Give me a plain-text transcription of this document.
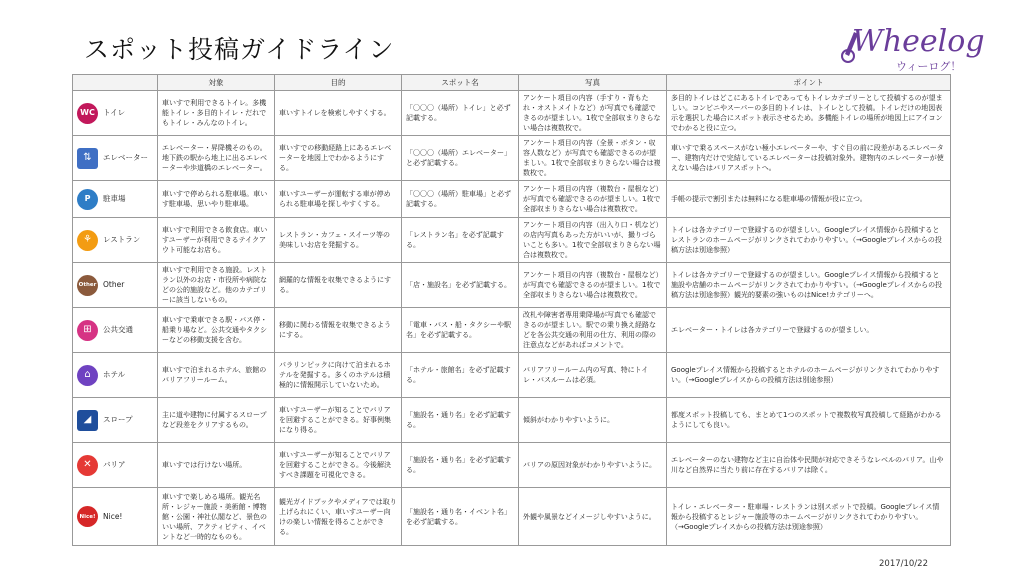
スポット投稿ガイドライン	Wheelog
ウィーログ！
	対象	目的	スポット名	写真	ポイント

WC トイレ	車いすで利用できるトイレ。多機能トイレ・多目的トイレ・だれでもトイレ・みんなのトイレ。	車いすトイレを検索しやすくする。	「〇〇〇（場所）トイレ」と必ず記載する。	アンケート項目の内容（手すり・背もたれ・オストメイトなど）が写真でも確認できるのが望ましい。1枚で全部収まりきらない場合は複数枚で。	多目的トイレはどこにあるトイレであってもトイレカテゴリーとして投稿するのが望ましい。コンビニやスーパーの多目的トイレは、トイレとして投稿。トイレだけの地図表示を選択した場合にスポット表示させるため。多機能トイレの場所が地図上にアイコンでわかると役に立つ。

⇅ エレベーター	エレベーター・昇降機そのもの。地下鉄の駅から地上に出るエレベーターや歩道橋のエレベーター。	車いすでの移動経路上にあるエレベーターを地図上でわかるようにする。	「〇〇〇（場所）エレベーター」と必ず記載する。	アンケート項目の内容（全景・ボタン・収容人数など）が写真でも確認できるのが望ましい。1枚で全部収まりきらない場合は複数枚で。	車いすで乗るスペースがない極小エレベーターや、すぐ目の前に段差があるエレベーター、建物内だけで完結しているエレベーターは投稿対象外。建物内のエレベーターが使えない場合はバリアスポットへ。

P 駐車場	車いすで停められる駐車場。車いす駐車場、思いやり駐車場。	車いすユーザーが運転する車が停められる駐車場を探しやすくする。	「〇〇〇（場所）駐車場」と必ず記載する。	アンケート項目の内容（複数台・屋根など）が写真でも確認できるのが望ましい。1枚で全部収まりきらない場合は複数枚で。	手帳の提示で割引または無料になる駐車場の情報が役に立つ。

⚘ レストラン	車いすで利用できる飲食店。車いすユーザーが利用できるテイクアウト可能なお店も。	レストラン・カフェ・スイーツ等の美味しいお店を発掘する。	「レストラン名」を必ず記載する。	アンケート項目の内容（出入り口・机など）の店内写真もあった方がいいが、撮りづらいことも多い。1枚で全部収まりきらない場合は複数枚で。	トイレは各カテゴリーで登録するのが望ましい。Googleプレイス情報から投稿するとレストランのホームページがリンクされてわかりやすい。（→Googleプレイスからの投稿方法は別途参照）

Other Other	車いすで利用できる施設。レストラン以外のお店・市役所や病院などの公的施設など。他のカテゴリーに該当しないもの。	網羅的な情報を収集できるようにする。	「店・施設名」を必ず記載する。	アンケート項目の内容（複数台・屋根など）が写真でも確認できるのが望ましい。1枚で全部収まりきらない場合は複数枚で。	トイレは各カテゴリーで登録するのが望ましい。Googleプレイス情報から投稿すると施設や店舗のホームページがリンクされてわかりやすい。（→Googleプレイスからの投稿方法は別途参照）観光的要素の強いものはNice!カテゴリーへ。

⊞ 公共交通	車いすで乗車できる駅・バス停・船乗り場など。公共交通やタクシーなどの移動支援を含む。	移動に関わる情報を収集できるようにする。	「電車・バス・船・タクシーや駅名」を必ず記載する。	改札や障害者専用乗降場が写真でも確認できるのが望ましい。駅での乗り換え経路などを各公共交通の利用の仕方、利用の際の注意点などがあればコメントで。	エレベーター・トイレは各カテゴリーで登録するのが望ましい。

⌂ ホテル	車いすで泊まれるホテル、旅館のバリアフリールーム。	パラリンピックに向けて泊まれるホテルを発掘する。多くのホテルは積極的に情報開示していないため。	「ホテル・旅館名」を必ず記載する。	バリアフリールーム内の写真、特にトイレ・バスルームは必須。	Googleプレイス情報から投稿するとホテルのホームページがリンクされてわかりやすい。（→Googleプレイスからの投稿方法は別途参照）

◢ スロープ	主に道や建物に付属するスロープなど段差をクリアするもの。	車いすユーザーが知ることでバリアを回避することができる。好事例集になり得る。	「施設名・通り名」を必ず記載する。	傾斜がわかりやすいように。	都度スポット投稿しても、まとめて1つのスポットで複数枚写真投稿して経路がわかるようにしても良い。

✕ バリア	車いすでは行けない場所。	車いすユーザーが知ることでバリアを回避することができる。今後解決すべき課題を可視化できる。	「施設名・通り名」を必ず記載する。	バリアの原因対象がわかりやすいように。	エレベーターのない建物など主に自治体や民間が対応できそうなレベルのバリア。山や川など自然界に当たり前に存在するバリアは除く。

Nice! Nice!	車いすで楽しめる場所。観光名所・レジャー施設・美術館・博物館・公園・神社仏閣など、景色のいい場所、アクティビティ、イベントなど一時的なものも。	観光ガイドブックやメディアでは取り上げられにくい、車いすユーザー向けの楽しい情報を得ることができる。	「施設名・通り名・イベント名」を必ず記載する。	外観や風景などイメージしやすいように。	トイレ・エレベーター・駐車場・レストランは別スポットで投稿。Googleプレイス情報から投稿するとレジャー施設等のホームページがリンクされてわかりやすい。（→Googleプレイスからの投稿方法は別途参照）
2017/10/22
